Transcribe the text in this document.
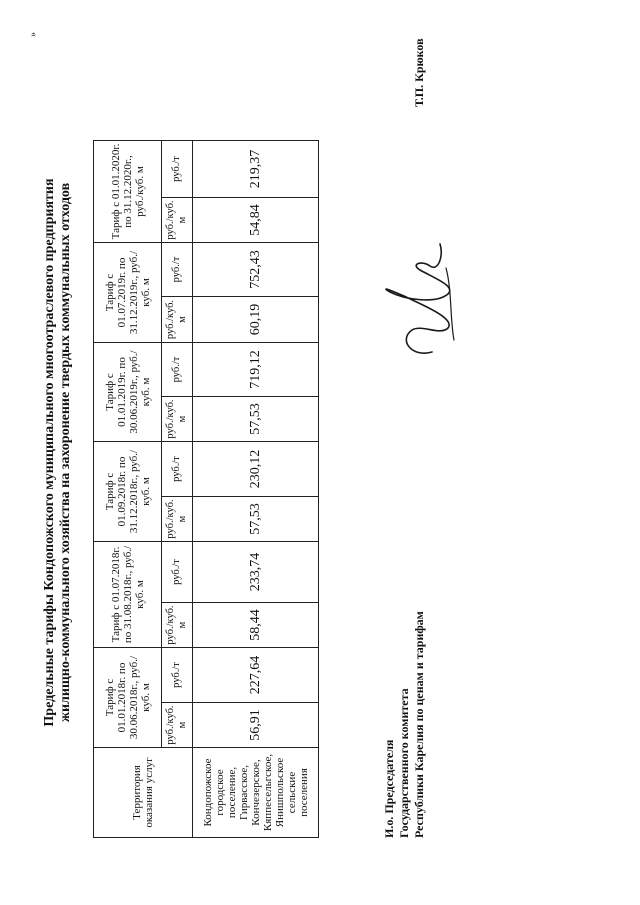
Предельные тарифы Кондопожского муниципального многоотраслевого предприятия жилищно-коммунального хозяйства на захоронение твердых коммунальных отходов
»
Территория оказания услуг	Тариф с 01.01.2018г. по 30.06.2018г., руб./куб. м		Тариф с 01.07.2018г. по 31.08.2018г., руб./куб. м		Тариф с 01.09.2018г. по 31.12.2018г., руб./куб. м		Тариф с 01.01.2019г. по 30.06.2019г., руб./куб. м		Тариф с 01.07.2019г. по 31.12.2019г., руб./куб. м		Тариф с 01.01.2020г. по 31.12.2020г., руб./куб. м	
	руб./куб. м	руб./т	руб./куб. м	руб./т	руб./куб. м	руб./т	руб./куб. м	руб./т	руб./куб. м	руб./т	руб./куб. м	руб./т
Кондопожское городское поселение, Гирвасское, Кончезерское, Кяппесельгское, Янишпольское сельские поселения	56,91	227,64	58,44	233,74	57,53	230,12	57,53	719,12	60,19	752,43	54,84	219,37
И.о. Председателя Государственного комитета Республики Карелия по ценам и тарифам
Т.П. Крюков
